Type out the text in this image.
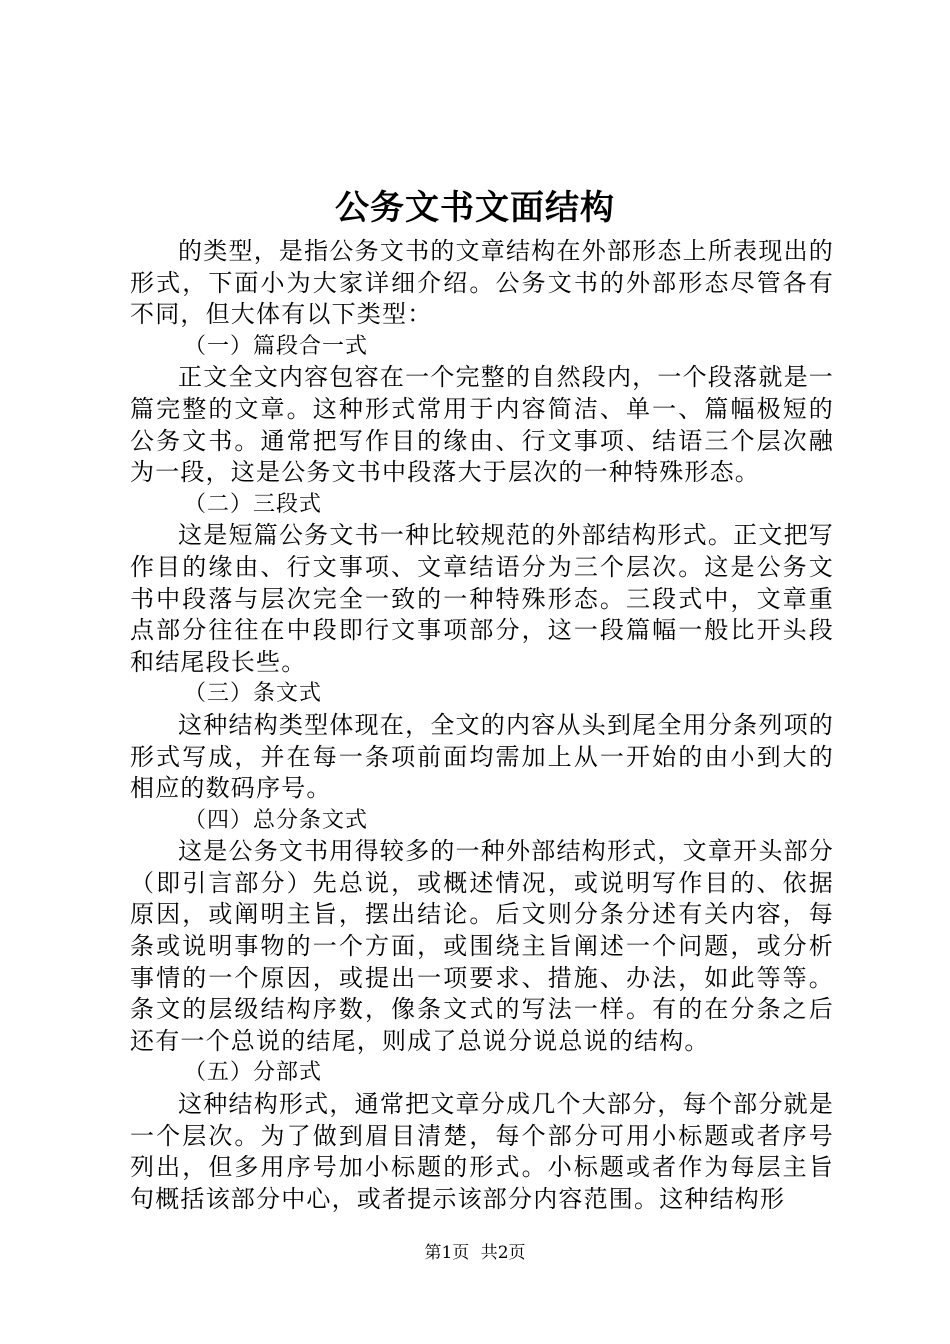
公务文书文面结构

的类型，是指公务文书的文章结构在外部形态上所表现出的形式，下面小为大家详细介绍。公务文书的外部形态尽管各有不同，但大体有以下类型：

（一）篇段合一式

正文全文内容包容在一个完整的自然段内，一个段落就是一篇完整的文章。这种形式常用于内容简洁、单一、篇幅极短的公务文书。通常把写作目的缘由、行文事项、结语三个层次融为一段，这是公务文书中段落大于层次的一种特殊形态。

（二）三段式

这是短篇公务文书一种比较规范的外部结构形式。正文把写作目的缘由、行文事项、文章结语分为三个层次。这是公务文书中段落与层次完全一致的一种特殊形态。三段式中，文章重点部分往往在中段即行文事项部分，这一段篇幅一般比开头段和结尾段长些。

（三）条文式

这种结构类型体现在，全文的内容从头到尾全用分条列项的形式写成，并在每一条项前面均需加上从一开始的由小到大的相应的数码序号。

（四）总分条文式

这是公务文书用得较多的一种外部结构形式，文章开头部分（即引言部分）先总说，或概述情况，或说明写作目的、依据原因，或阐明主旨，摆出结论。后文则分条分述有关内容，每条或说明事物的一个方面，或围绕主旨阐述一个问题，或分析事情的一个原因，或提出一项要求、措施、办法，如此等等。条文的层级结构序数，像条文式的写法一样。有的在分条之后还有一个总说的结尾，则成了总说分说总说的结构。

（五）分部式

这种结构形式，通常把文章分成几个大部分，每个部分就是一个层次。为了做到眉目清楚，每个部分可用小标题或者序号列出，但多用序号加小标题的形式。小标题或者作为每层主旨句概括该部分中心，或者提示该部分内容范围。这种结构形

第1页 共2页
